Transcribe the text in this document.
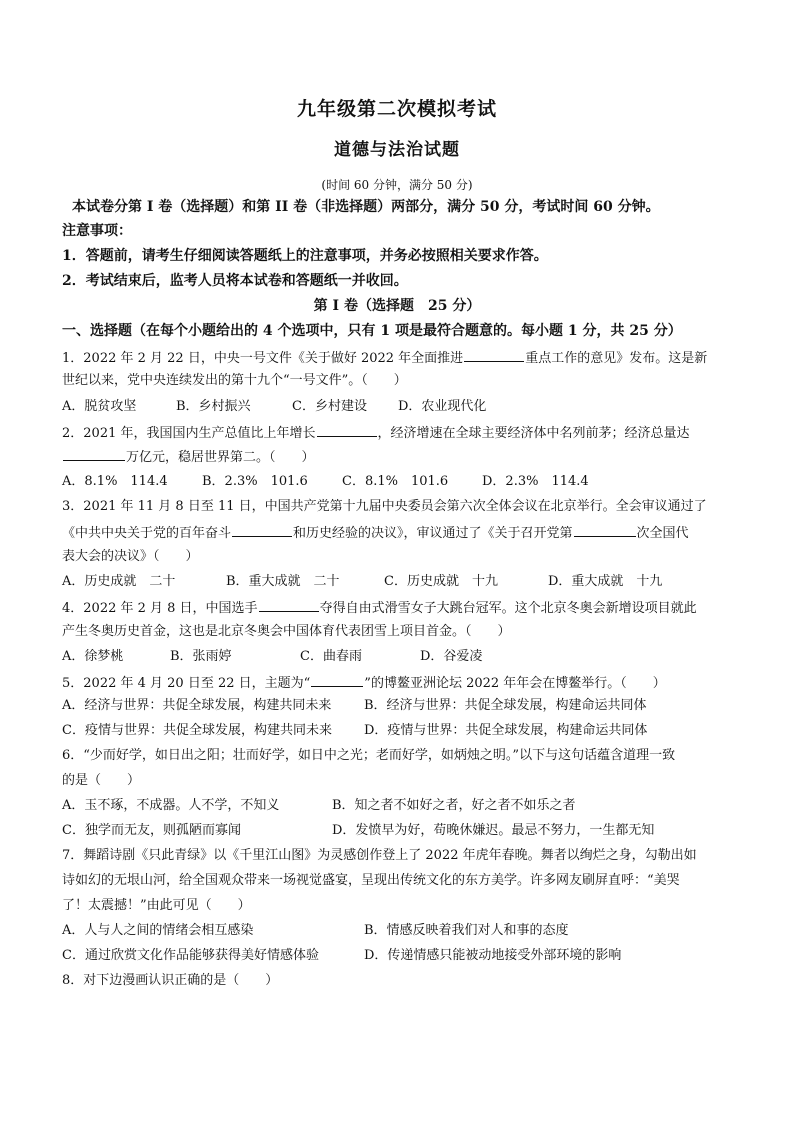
九年级第二次模拟考试
道德与法治试题
(时间 60 分钟，满分 50 分)
本试卷分第 I 卷（选择题）和第 II 卷（非选择题）两部分，满分 50 分，考试时间 60 分钟。
注意事项：
1．答题前，请考生仔细阅读答题纸上的注意事项，并务必按照相关要求作答。
2．考试结束后，监考人员将本试卷和答题纸一并收回。
第 I 卷（选择题　25 分）
一、选择题（在每个小题给出的 4 个选项中，只有 1 项是最符合题意的。每小题 1 分，共 25 分）
1．2022 年 2 月 22 日，中央一号文件《关于做好 2022 年全面推进	重点工作的意见》发布。这是新
世纪以来，党中央连续发出的第十九个“一号文件”。（　　）
A．脱贫攻坚	B．乡村振兴	C．乡村建设	D．农业现代化
2．2021 年，我国国内生产总值比上年增长	，经济增速在全球主要经济体中名列前茅；经济总量达
万亿元，稳居世界第二。（　　）
A．8.1%　114.4	B．2.3%　101.6	C．8.1%　101.6	D．2.3%　114.4
3．2021 年 11 月 8 日至 11 日，中国共产党第十九届中央委员会第六次全体会议在北京举行。全会审议通过了
《中共中央关于党的百年奋斗	和历史经验的决议》，审议通过了《关于召开党第	次全国代
表大会的决议》（　　）
A．历史成就　二十	B．重大成就　二十	C．历史成就　十九	D．重大成就　十九
4．2022 年 2 月 8 日，中国选手	夺得自由式滑雪女子大跳台冠军。这个北京冬奥会新增设项目就此
产生冬奥历史首金，这也是北京冬奥会中国体育代表团雪上项目首金。（　　）
A．徐梦桃	B．张雨婷	C．曲春雨	D．谷爱凌
5．2022 年 4 月 20 日至 22 日，主题为“	”的博鳌亚洲论坛 2022 年年会在博鳌举行。（　　）
A．经济与世界：共促全球发展，构建共同未来	B．经济与世界：共促全球发展，构建命运共同体
C．疫情与世界：共促全球发展，构建共同未来	D．疫情与世界：共促全球发展，构建命运共同体
6．“少而好学，如日出之阳；壮而好学，如日中之光；老而好学，如炳烛之明。”以下与这句话蕴含道理一致
的是（　　）
A．玉不琢，不成器。人不学，不知义	B．知之者不如好之者，好之者不如乐之者
C．独学而无友，则孤陋而寡闻	D．发愤早为好，苟晚休嫌迟。最忌不努力，一生都无知
7．舞蹈诗剧《只此青绿》以《千里江山图》为灵感创作登上了 2022 年虎年春晚。舞者以绚烂之身，勾勒出如
诗如幻的无垠山河，给全国观众带来一场视觉盛宴，呈现出传统文化的东方美学。许多网友刷屏直呼：“美哭
了！太震撼！”由此可见（　　）
A．人与人之间的情绪会相互感染	B．情感反映着我们对人和事的态度
C．通过欣赏文化作品能够获得美好情感体验	D．传递情感只能被动地接受外部环境的影响
8．对下边漫画认识正确的是（　　）
